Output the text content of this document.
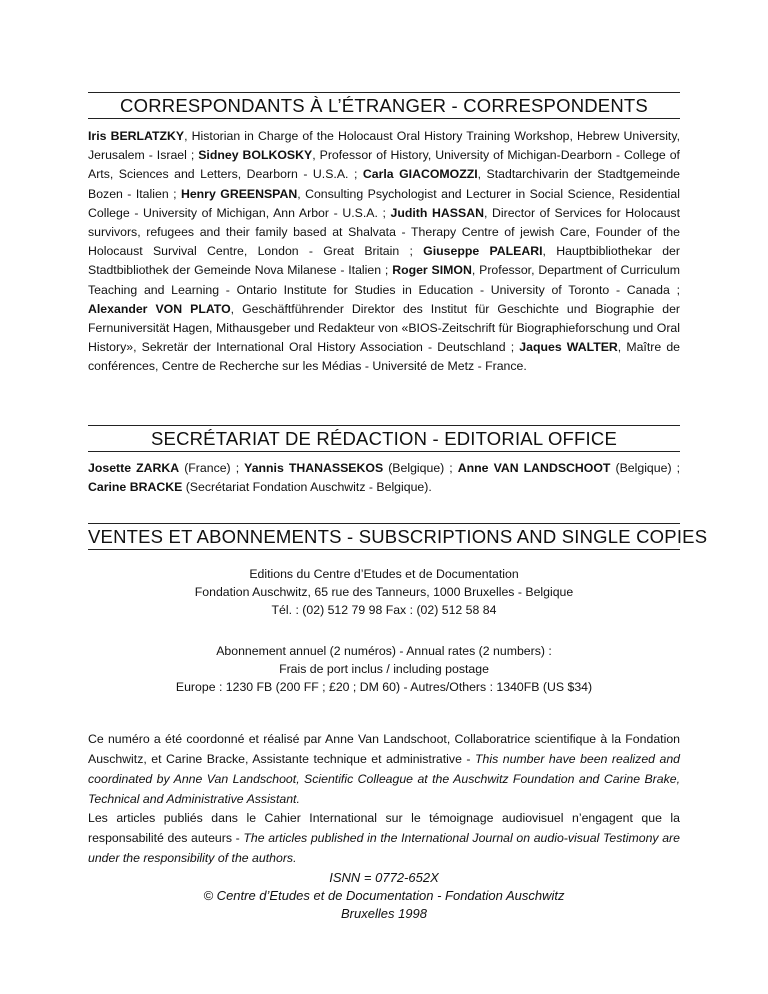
CORRESPONDANTS À L’ÉTRANGER - CORRESPONDENTS
Iris BERLATZKY, Historian in Charge of the Holocaust Oral History Training Workshop, Hebrew University, Jerusalem - Israel ; Sidney BOLKOSKY, Professor of History, University of Michigan-Dearborn - College of Arts, Sciences and Letters, Dearborn - U.S.A. ; Carla GIACOMOZZI, Stadtarchivarin der Stadtgemeinde Bozen - Italien ; Henry GREENSPAN, Consulting Psychologist and Lecturer in Social Science, Residential College - University of Michigan, Ann Arbor - U.S.A. ; Judith HASSAN, Director of Services for Holocaust survivors, refugees and their family based at Shalvata - Therapy Centre of jewish Care, Founder of the Holocaust Survival Centre, London - Great Britain ; Giuseppe PALEARI, Hauptbibliothekar der Stadtbibliothek der Gemeinde Nova Milanese - Italien ; Roger SIMON, Professor, Department of Curriculum Teaching and Learning - Ontario Institute for Studies in Education - University of Toronto - Canada ; Alexander VON PLATO, Geschäftführender Direktor des Institut für Geschichte und Biographie der Fernuniversität Hagen, Mithausgeber und Redakteur von «BIOS-Zeitschrift für Biographieforschung und Oral History», Sekretär der International Oral History Association - Deutschland ; Jaques WALTER, Maître de conférences, Centre de Recherche sur les Médias - Université de Metz - France.
SECRÉTARIAT DE RÉDACTION - EDITORIAL OFFICE
Josette ZARKA (France) ; Yannis THANASSEKOS (Belgique) ; Anne VAN LANDSCHOOT (Belgique) ; Carine BRACKE (Secrétariat Fondation Auschwitz - Belgique).
VENTES ET ABONNEMENTS - SUBSCRIPTIONS AND SINGLE COPIES
Editions du Centre d’Etudes et de Documentation
Fondation Auschwitz, 65 rue des Tanneurs, 1000 Bruxelles - Belgique
Tél. : (02) 512 79 98 Fax : (02) 512 58 84
Abonnement annuel (2 numéros) - Annual rates (2 numbers) :
Frais de port inclus / including postage
Europe : 1230 FB (200 FF ; £20 ; DM 60) - Autres/Others : 1340FB (US $34)
Ce numéro a été coordonné et réalisé par Anne Van Landschoot, Collaboratrice scientifique à la Fondation Auschwitz, et Carine Bracke, Assistante technique et administrative - This number have been realized and coordinated by Anne Van Landschoot, Scientific Colleague at the Auschwitz Foundation and Carine Brake, Technical and Administrative Assistant.
Les articles publiés dans le Cahier International sur le témoignage audiovisuel n’engagent que la responsabilité des auteurs - The articles published in the International Journal on audio-visual Testimony are under the responsibility of the authors.
ISNN = 0772-652X
© Centre d’Etudes et de Documentation - Fondation Auschwitz
Bruxelles 1998
